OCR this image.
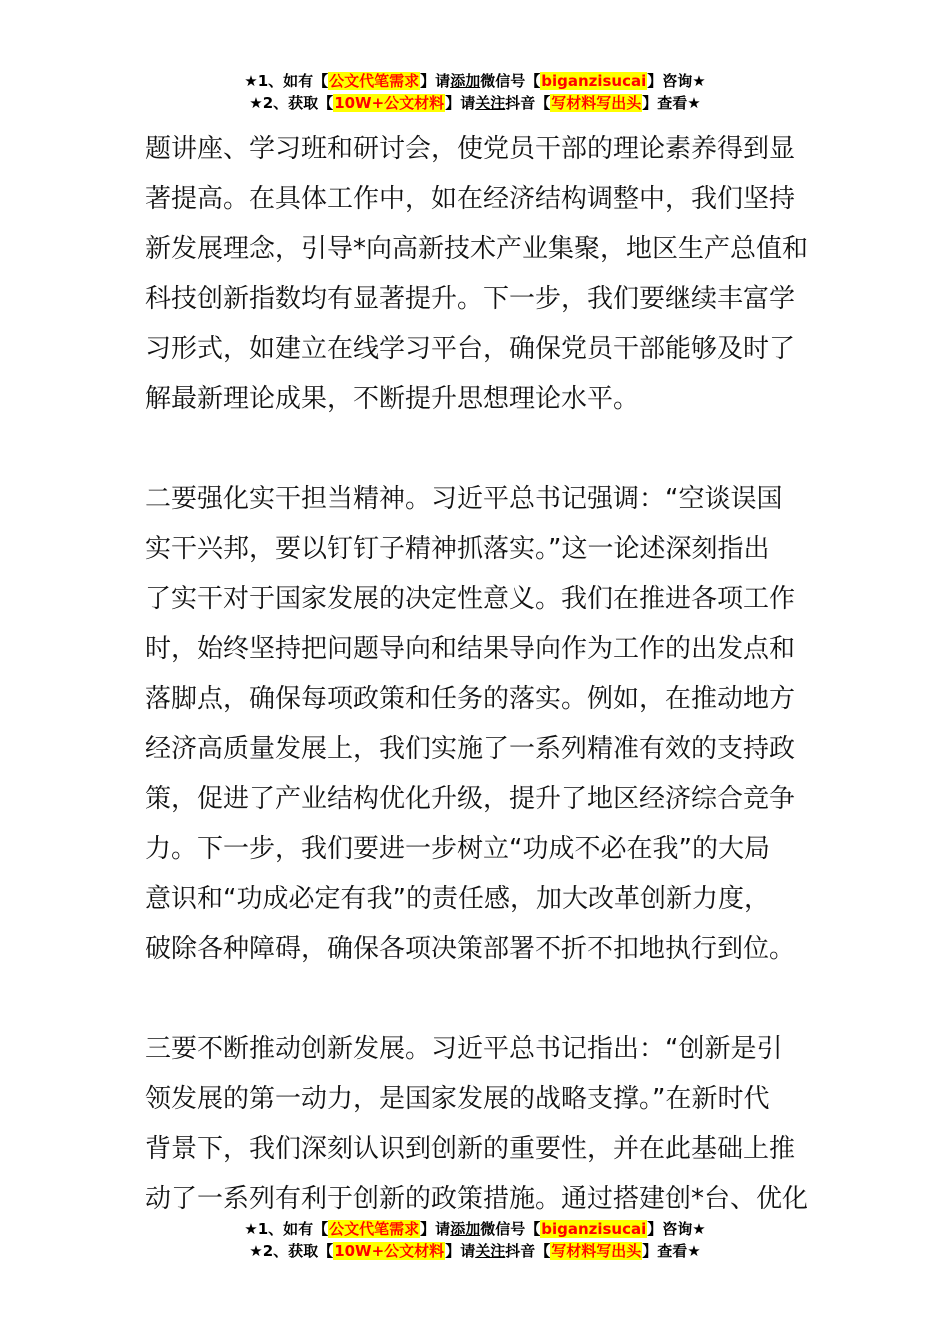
★1、如有【公文代笔需求】请添加微信号【biganzisucai】咨询★
★2、获取【10W+公文材料】请关注抖音【写材料写出头】查看★
题讲座、学习班和研讨会，使党员干部的理论素养得到显
著提高。在具体工作中，如在经济结构调整中，我们坚持
新发展理念，引导*向高新技术产业集聚，地区生产总值和
科技创新指数均有显著提升。下一步，我们要继续丰富学
习形式，如建立在线学习平台，确保党员干部能够及时了
解最新理论成果，不断提升思想理论水平。
二要强化实干担当精神。习近平总书记强调：“空谈误国
实干兴邦，要以钉钉子精神抓落实。”这一论述深刻指出
了实干对于国家发展的决定性意义。我们在推进各项工作
时，始终坚持把问题导向和结果导向作为工作的出发点和
落脚点，确保每项政策和任务的落实。例如，在推动地方
经济高质量发展上，我们实施了一系列精准有效的支持政
策，促进了产业结构优化升级，提升了地区经济综合竞争
力。下一步，我们要进一步树立“功成不必在我”的大局
意识和“功成必定有我”的责任感，加大改革创新力度，
破除各种障碍，确保各项决策部署不折不扣地执行到位。
三要不断推动创新发展。习近平总书记指出：“创新是引
领发展的第一动力，是国家发展的战略支撑。”在新时代
背景下，我们深刻认识到创新的重要性，并在此基础上推
动了一系列有利于创新的政策措施。通过搭建创*台、优化
★1、如有【公文代笔需求】请添加微信号【biganzisucai】咨询★
★2、获取【10W+公文材料】请关注抖音【写材料写出头】查看★
